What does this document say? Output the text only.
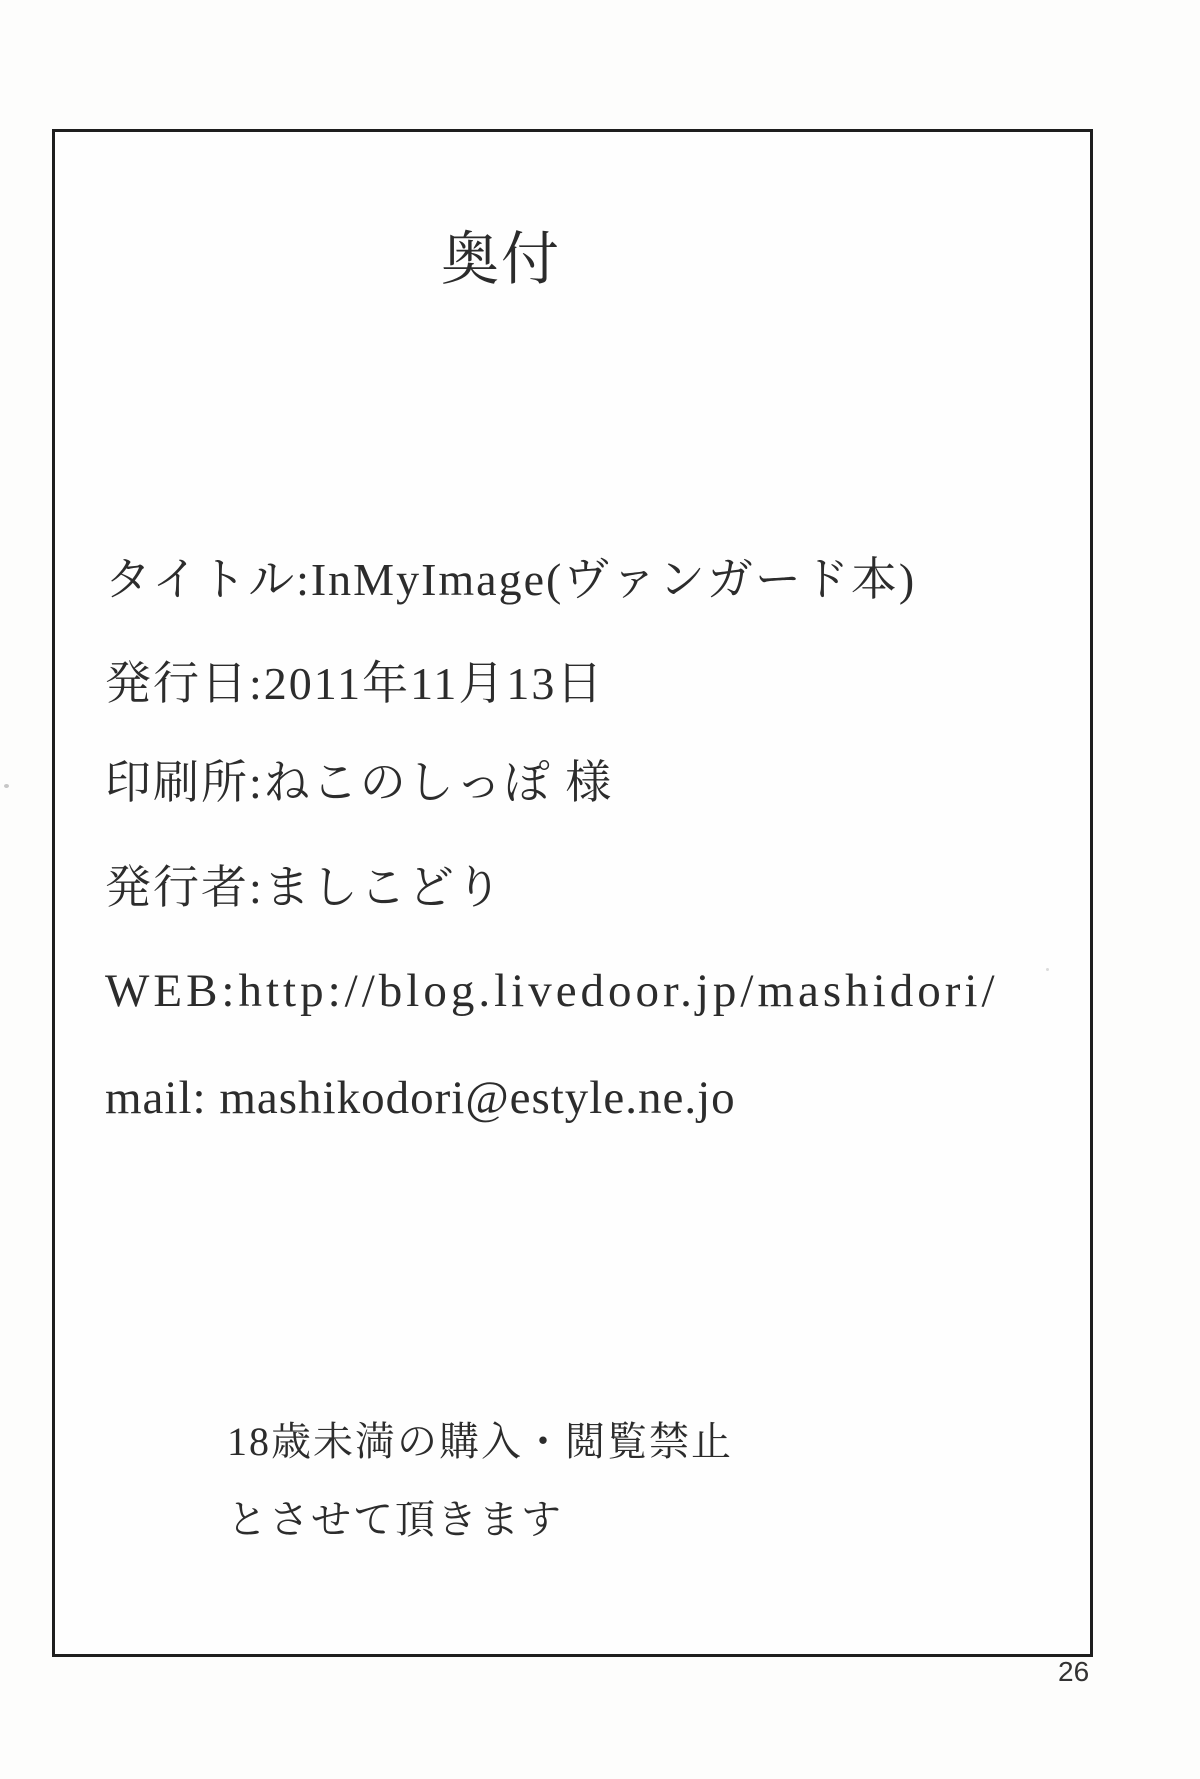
奥付
タイトル:InMyImage(ヴァンガード本)
発行日:2011年11月13日
印刷所:ねこのしっぽ 様
発行者:ましこどり
WEB:http://blog.livedoor.jp/mashidori/
mail: mashikodori@estyle.ne.jo
18歳未満の購入・閲覧禁止
とさせて頂きます
26
